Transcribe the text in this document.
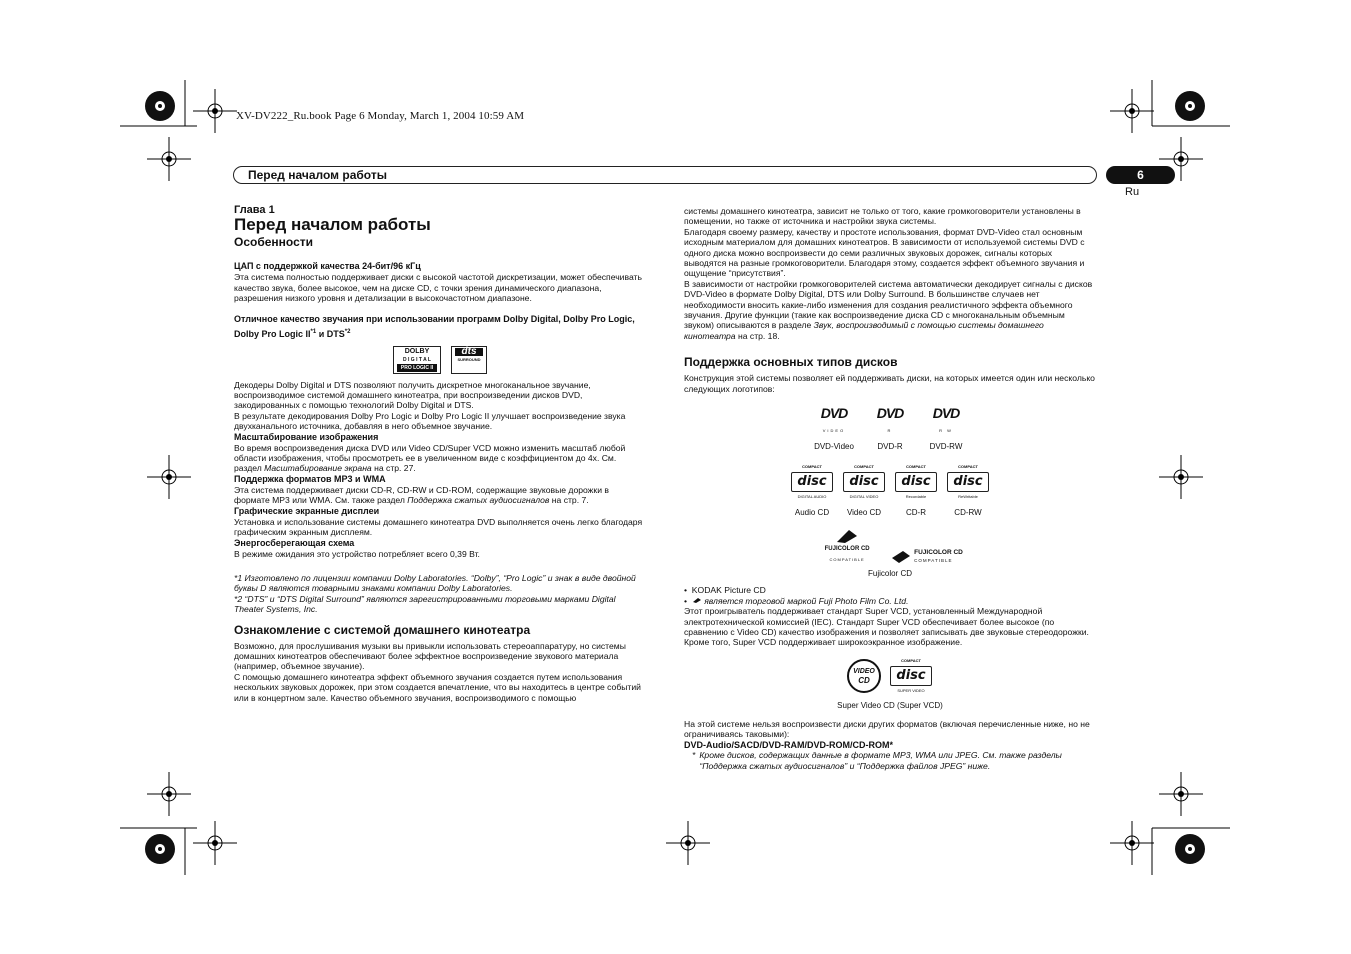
XV-DV222_Ru.book Page 6 Monday, March 1, 2004 10:59 AM
Перед началом работы	6
Ru

Глава 1

Перед началом работы

Особенности

ЦАП с поддержкой качества 24-бит/96 кГц

Эта система полностью поддерживает диски с высокой частотой дискретизации, может обеспечивать качество звука, более высокое, чем на диске CD, с точки зрения динамического диапазона, разрешения низкого уровня и детализации в высокочастотном диапазоне.

Отличное качество звучания при использовании программ Dolby Digital, Dolby Pro Logic, Dolby Pro Logic II$^{*1}$ и DTS$^{*2}$

DOLBY
D I G I T A L
PRO LOGIC II
dts
SURROUND

Декодеры Dolby Digital и DTS позволяют получить дискретное многоканальное звучание, воспроизводимое системой домашнего кинотеатра, при воспроизведении дисков DVD, закодированных с помощью технологий Dolby Digital и DTS.

В результате декодирования Dolby Pro Logic и Dolby Pro Logic II улучшает воспроизведение звука двухканального источника, добавляя в него объемное звучание.

Масштабирование изображения

Во время воспроизведения диска DVD или Video CD/Super VCD можно изменить масштаб любой области изображения, чтобы просмотреть ее в увеличенном виде с коэффициентом до 4х. См. раздел Масштабирование экрана на стр. 27.

Поддержка форматов MP3 и WMA

Эта система поддерживает диски CD-R, CD-RW и CD-ROM, содержащие звуковые дорожки в формате MP3 или WMA. См. также раздел Поддержка сжатых аудиосигналов на стр. 7.

Графические экранные дисплеи

Установка и использование системы домашнего кинотеатра DVD выполняется очень легко благодаря графическим экранным дисплеям.

Энергосберегающая схема

В режиме ожидания это устройство потребляет всего 0,39 Вт.

*1 Изготовлено по лицензии компании Dolby Laboratories. “Dolby”, “Pro Logic” и знак в виде двойной буквы D являются товарными знаками компании Dolby Laboratories.

*2 “DTS” и “DTS Digital Surround” являются зарегистрированными торговыми марками Digital Theater Systems, Inc.

Ознакомление с системой домашнего кинотеатра

Возможно, для прослушивания музыки вы привыкли использовать стереоаппаратуру, но системы домашних кинотеатров обеспечивают более эффектное воспроизведение звукового материала (например, объемное звучание).

С помощью домашнего кинотеатра эффект объемного звучания создается путем использования нескольких звуковых дорожек, при этом создается впечатление, что вы находитесь в центре событий или в концертном зале. Качество объемного звучания, воспроизводимого с помощью

системы домашнего кинотеатра, зависит не только от того, какие громкоговорители установлены в помещении, но также от источника и настройки звука системы.

Благодаря своему размеру, качеству и простоте использования, формат DVD-Video стал основным исходным материалом для домашних кинотеатров. В зависимости от используемой системы DVD с одного диска можно воспроизвести до семи различных звуковых дорожек, сигналы которых выводятся на разные громкоговорители. Благодаря этому, создается эффект объемного звучания и ощущение “присутствия”.

В зависимости от настройки громкоговорителей система автоматически декодирует сигналы с дисков DVD-Video в формате Dolby Digital, DTS или Dolby Surround. В большинстве случаев нет необходимости вносить какие-либо изменения для создания реалистичного эффекта объемного звучания. Другие функции (такие как воспроизведение диска CD с многоканальным объемным звуком) описываются в разделе Звук, воспроизводимый с помощью системы домашнего кинотеатра на стр. 18.

Поддержка основных типов дисков

Конструкция этой системы позволяет ей поддерживать диски, на которых имеется один или несколько следующих логотипов:

DVD
VIDEO
DVD-Video
DVD
R
DVD-R
DVD
R W
DVD-RW
COMPACT
disc
DIGITAL AUDIO
Audio CD
COMPACT
disc
DIGITAL VIDEO
Video CD
COMPACT
disc
Recordable
CD-R
COMPACT
disc
ReWritable
CD-RW
FUJICOLOR CD
COMPATIBLE
FUJICOLOR CD
COMPATIBLE
Fujicolor CD

•  KODAK Picture CD

•   является торговой маркой Fuji Photo Film Co. Ltd.

Этот проигрыватель поддерживает стандарт Super VCD, установленный Международной электротехнической комиссией (IEC). Стандарт Super VCD обеспечивает более высокое (по сравнению с Video CD) качество изображения и позволяет записывать две звуковые стереодорожки. Кроме того, Super VCD поддерживает широкоэкранное изображение.

VIDEO
CD
COMPACT
disc
SUPER VIDEO
Super Video CD (Super VCD)

На этой системе нельзя воспроизвести диски других форматов (включая перечисленные ниже, но не ограничиваясь таковыми):

DVD-Audio/SACD/DVD-RAM/DVD-ROM/CD-ROM*

* Кроме дисков, содержащих данные в формате MP3, WMA или JPEG. См. также разделы “Поддержка сжатых аудиосигналов” и “Поддержка файлов JPEG” ниже.
